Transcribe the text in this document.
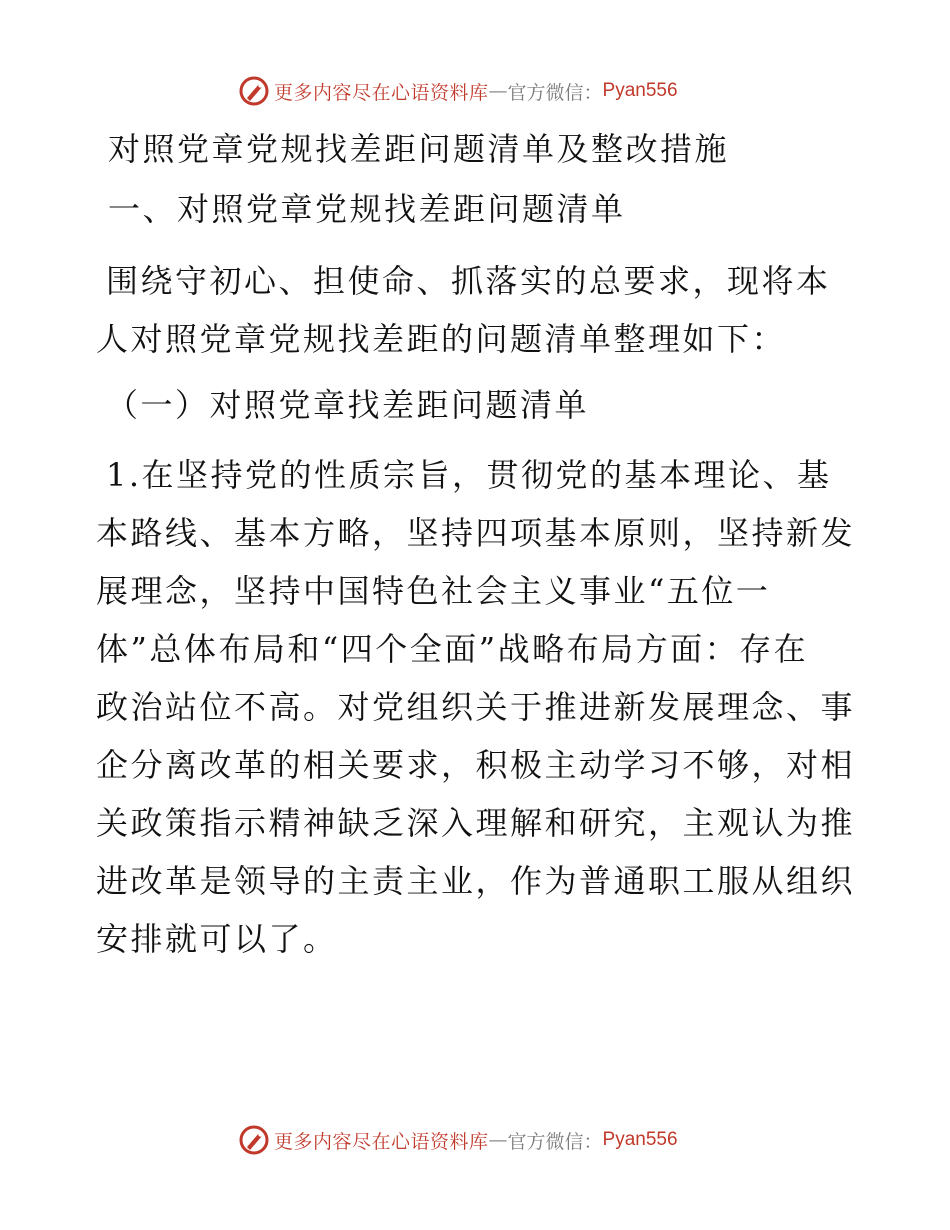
更多内容尽在心语资料库 — 官方微信： Pyan556
对照党章党规找差距问题清单及整改措施
一、对照党章党规找差距问题清单
围绕守初心、担使命、抓落实的总要求，现将本
人对照党章党规找差距的问题清单整理如下：
（一）对照党章找差距问题清单
1.在坚持党的性质宗旨，贯彻党的基本理论、基
本路线、基本方略，坚持四项基本原则，坚持新发
展理念，坚持中国特色社会主义事业“五位一
体”总体布局和“四个全面”战略布局方面：存在
政治站位不高。对党组织关于推进新发展理念、事
企分离改革的相关要求，积极主动学习不够，对相
关政策指示精神缺乏深入理解和研究，主观认为推
进改革是领导的主责主业，作为普通职工服从组织
安排就可以了。
更多内容尽在心语资料库 — 官方微信： Pyan556
